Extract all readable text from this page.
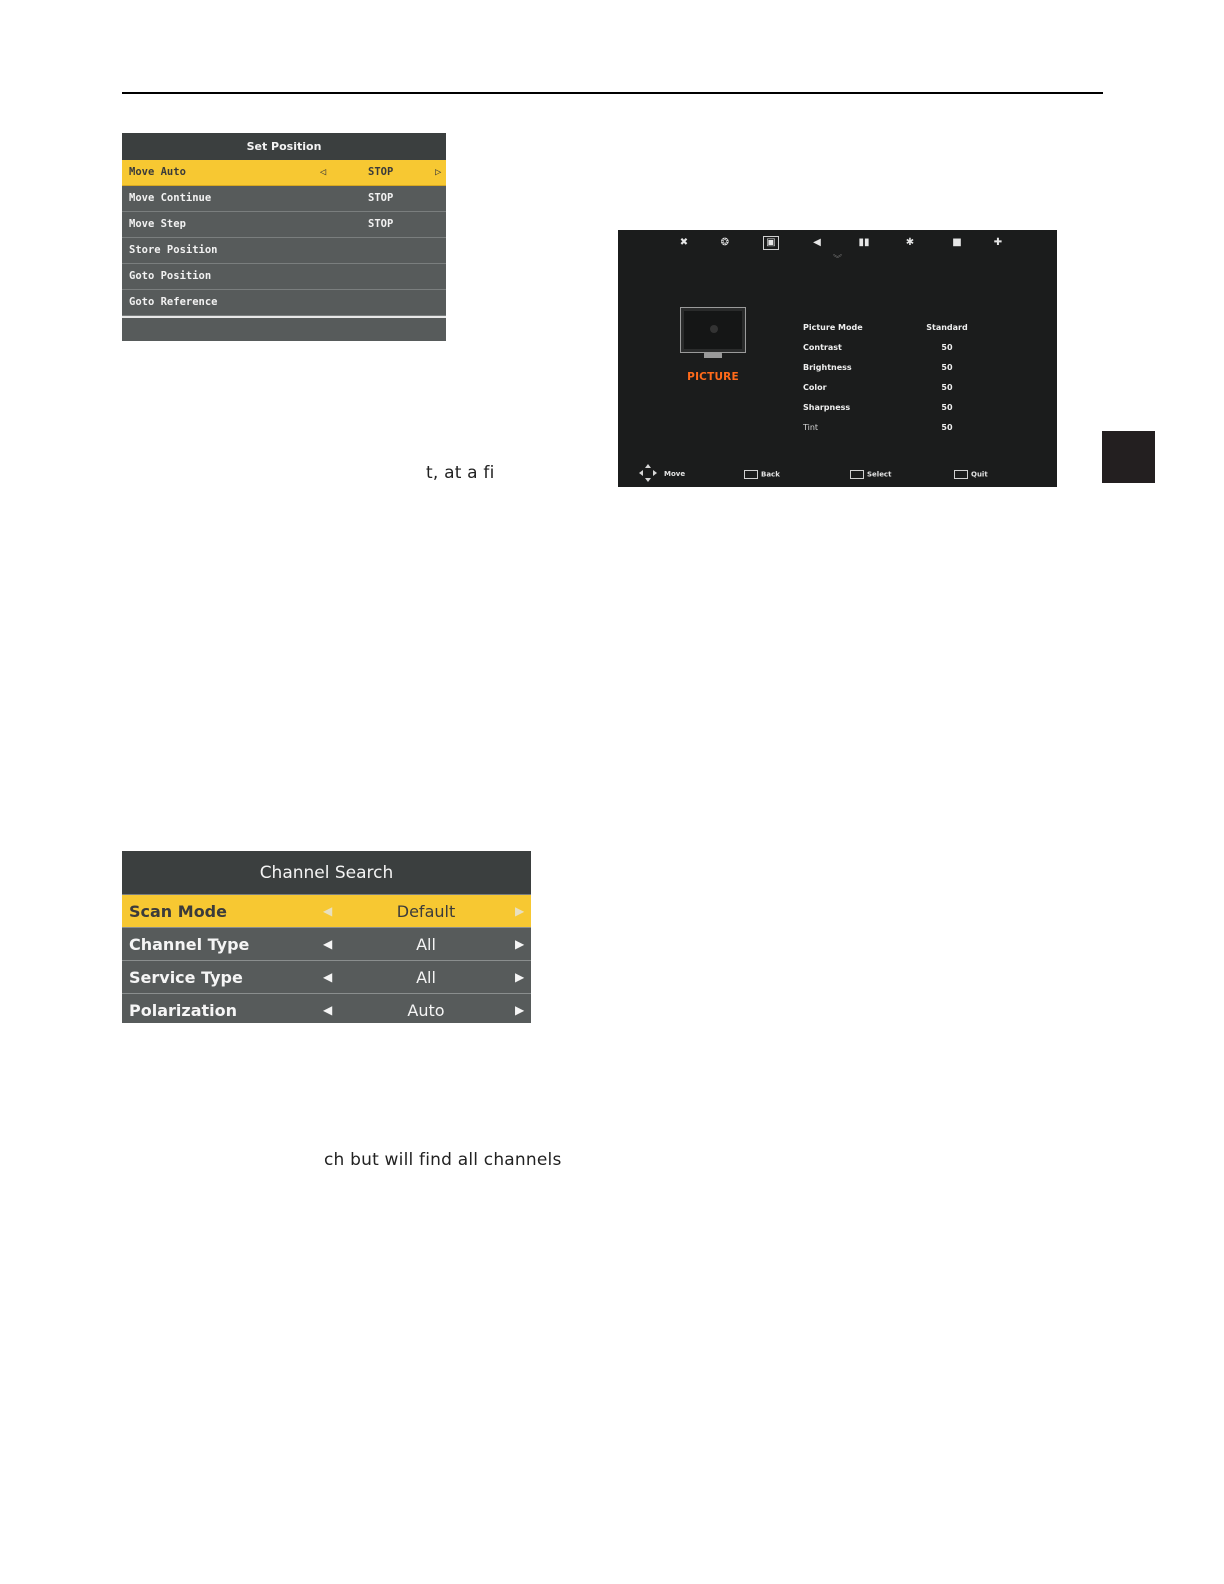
Set Position
Move Auto	◁	STOP	▷
Move Continue	STOP
Move Step	STOP
Store Position
Goto Position
Goto Reference
t, at a fi
✖	❂	▣	◀	▮▮	✱	■	✚
︾
PICTURE
Picture Mode	Standard
Contrast	50
Brightness	50
Color	50
Sharpness	50
Tint	50
Move	Back	Select	Quit
Channel Search
Scan Mode	◀	Default	▶
Channel Type	◀	All	▶
Service Type	◀	All	▶
Polarization	◀	Auto	▶
ch but will find all channels
